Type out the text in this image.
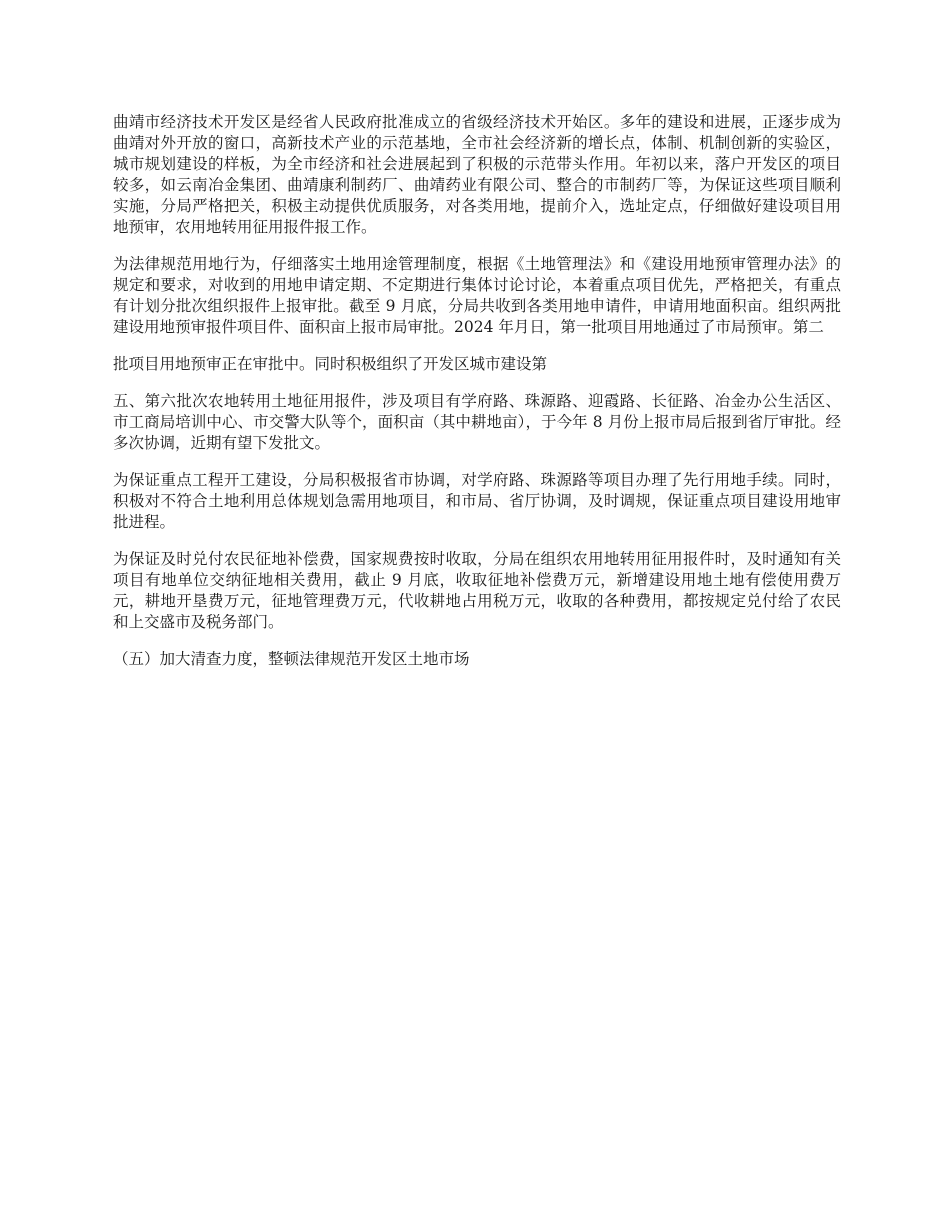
曲靖市经济技术开发区是经省人民政府批准成立的省级经济技术开始区。多年的建设和进展，正逐步成为曲靖对外开放的窗口，高新技术产业的示范基地，全市社会经济新的增长点，体制、机制创新的实验区，城市规划建设的样板，为全市经济和社会进展起到了积极的示范带头作用。年初以来，落户开发区的项目较多，如云南冶金集团、曲靖康利制药厂、曲靖药业有限公司、整合的市制药厂等，为保证这些项目顺利实施，分局严格把关，积极主动提供优质服务，对各类用地，提前介入，选址定点，仔细做好建设项目用地预审，农用地转用征用报件报工作。

为法律规范用地行为，仔细落实土地用途管理制度，根据《土地管理法》和《建设用地预审管理办法》的规定和要求，对收到的用地申请定期、不定期进行集体讨论讨论，本着重点项目优先，严格把关，有重点有计划分批次组织报件上报审批。截至 9 月底，分局共收到各类用地申请件，申请用地面积亩。组织两批建设用地预审报件项目件、面积亩上报市局审批。2024 年月日，第一批项目用地通过了市局预审。第二

批项目用地预审正在审批中。同时积极组织了开发区城市建设第

五、第六批次农地转用土地征用报件，涉及项目有学府路、珠源路、迎霞路、长征路、冶金办公生活区、市工商局培训中心、市交警大队等个，面积亩（其中耕地亩），于今年 8 月份上报市局后报到省厅审批。经多次协调，近期有望下发批文。

为保证重点工程开工建设，分局积极报省市协调，对学府路、珠源路等项目办理了先行用地手续。同时，积极对不符合土地利用总体规划急需用地项目，和市局、省厅协调，及时调规，保证重点项目建设用地审批进程。

为保证及时兑付农民征地补偿费，国家规费按时收取，分局在组织农用地转用征用报件时，及时通知有关项目有地单位交纳征地相关费用，截止 9 月底，收取征地补偿费万元，新增建设用地土地有偿使用费万元，耕地开垦费万元，征地管理费万元，代收耕地占用税万元，收取的各种费用，都按规定兑付给了农民和上交盛市及税务部门。

（五）加大清查力度，整顿法律规范开发区土地市场
